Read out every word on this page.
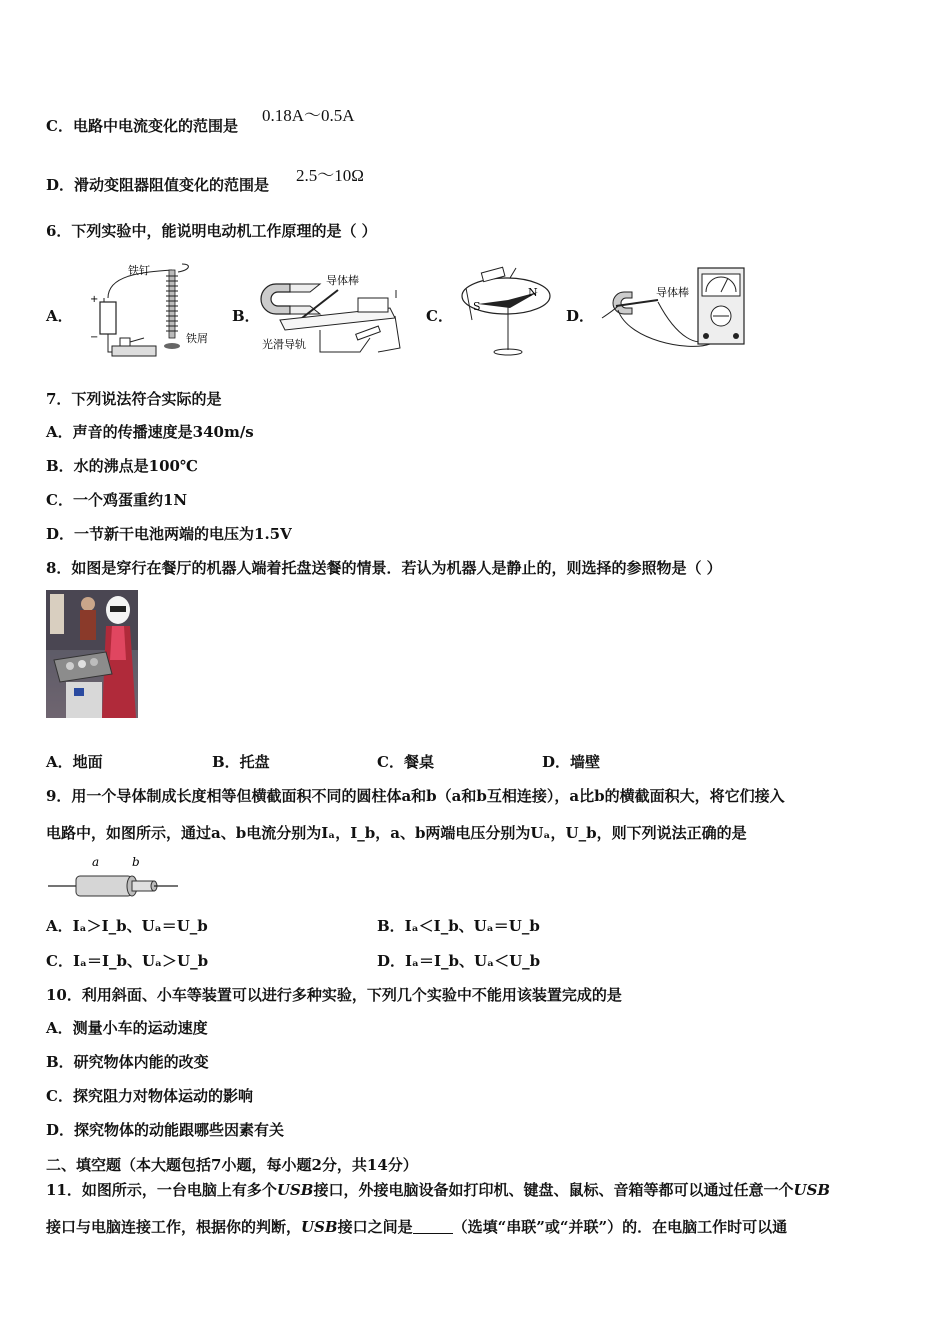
C．电路中电流变化的范围是
0.18A～0.5A
D．滑动变阻器阻值变化的范围是 2.5～10Ω
6．下列实验中，能说明电动机工作原理的是（ ）
A．	B．	C．	D．
+
−
铁钉
铁屑
导体棒
光滑导轨
S
N	导体棒
7．下列说法符合实际的是
A．声音的传播速度是340m/s
B．水的沸点是100℃
C．一个鸡蛋重约1N
D．一节新干电池两端的电压为1.5V
8．如图是穿行在餐厅的机器人端着托盘送餐的情景．若认为机器人是静止的，则选择的参照物是（ ）
A．地面	B．托盘	C．餐桌	D．墙壁
9．用一个导体制成长度相等但横截面积不同的圆柱体a和b（a和b互相连接），a比b的横截面积大，将它们接入
电路中，如图所示，通过a、b电流分别为Iₐ，I_b，a、b两端电压分别为Uₐ，U_b，则下列说法正确的是
a	b
A．Iₐ＞I_b、Uₐ＝U_b	B．Iₐ＜I_b、Uₐ＝U_b
C．Iₐ＝I_b、Uₐ＞U_b	D．Iₐ＝I_b、Uₐ＜U_b
10．利用斜面、小车等装置可以进行多种实验，下列几个实验中不能用该装置完成的是
A．测量小车的运动速度
B．研究物体内能的改变
C．探究阻力对物体运动的影响
D．探究物体的动能跟哪些因素有关
二、填空题（本大题包括7小题，每小题2分，共14分）
11．如图所示，一台电脑上有多个USB接口，外接电脑设备如打印机、键盘、鼠标、音箱等都可以通过任意一个USB
接口与电脑连接工作，根据你的判断，USB接口之间是	（选填“串联”或“并联”）的．在电脑工作时可以通
